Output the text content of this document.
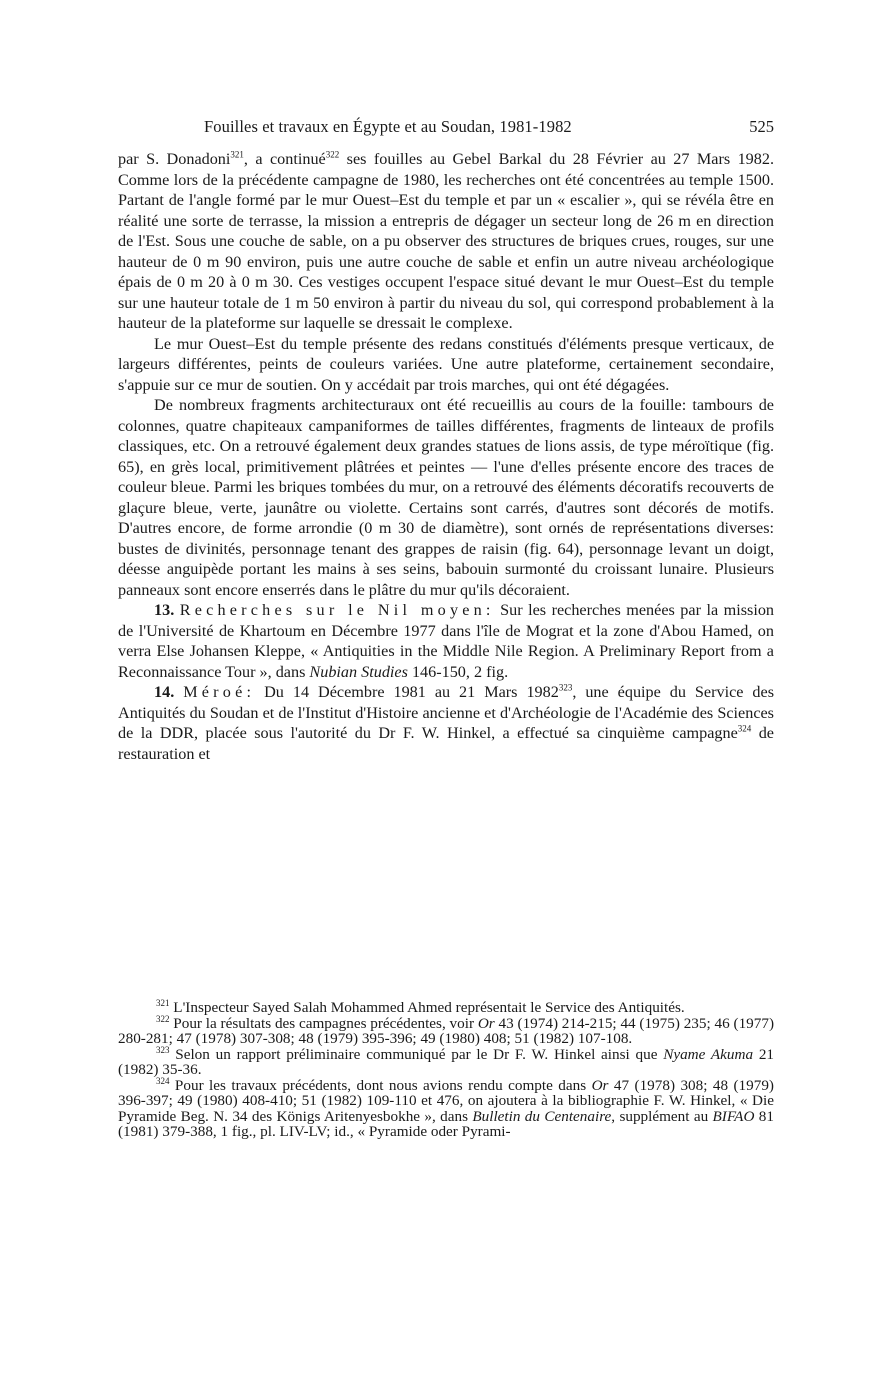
Fouilles et travaux en Égypte et au Soudan, 1981-1982	525

par S. Donadoni$^{321}$, a continué$^{322}$ ses fouilles au Gebel Barkal du 28 Février au 27 Mars 1982. Comme lors de la précédente campagne de 1980, les recherches ont été concentrées au temple 1500. Partant de l'angle formé par le mur Ouest–Est du temple et par un « escalier », qui se révéla être en réalité une sorte de terrasse, la mission a entrepris de dégager un secteur long de 26 m en direction de l'Est. Sous une couche de sable, on a pu observer des structures de briques crues, rouges, sur une hauteur de 0 m 90 environ, puis une autre couche de sable et enfin un autre niveau archéologique épais de 0 m 20 à 0 m 30. Ces vestiges occupent l'espace situé devant le mur Ouest–Est du temple sur une hauteur totale de 1 m 50 environ à partir du niveau du sol, qui correspond probablement à la hauteur de la plateforme sur laquelle se dressait le complexe.

Le mur Ouest–Est du temple présente des redans constitués d'éléments presque verticaux, de largeurs différentes, peints de couleurs variées. Une autre plateforme, certainement secondaire, s'appuie sur ce mur de soutien. On y accédait par trois marches, qui ont été dégagées.

De nombreux fragments architecturaux ont été recueillis au cours de la fouille: tambours de colonnes, quatre chapiteaux campaniformes de tailles différentes, fragments de linteaux de profils classiques, etc. On a retrouvé également deux grandes statues de lions assis, de type méroïtique (fig. 65), en grès local, primitivement plâtrées et peintes — l'une d'elles présente encore des traces de couleur bleue. Parmi les briques tombées du mur, on a retrouvé des éléments décoratifs recouverts de glaçure bleue, verte, jaunâtre ou violette. Certains sont carrés, d'autres sont décorés de motifs. D'autres encore, de forme arrondie (0 m 30 de diamètre), sont ornés de représentations diverses: bustes de divinités, personnage tenant des grappes de raisin (fig. 64), personnage levant un doigt, déesse anguipède portant les mains à ses seins, babouin surmonté du croissant lunaire. Plusieurs panneaux sont encore enserrés dans le plâtre du mur qu'ils décoraient.

13. Recherches sur le Nil moyen: Sur les recherches menées par la mission de l'Université de Khartoum en Décembre 1977 dans l'île de Mograt et la zone d'Abou Hamed, on verra Else Johansen Kleppe, « Antiquities in the Middle Nile Region. A Preliminary Report from a Reconnaissance Tour », dans Nubian Studies 146-150, 2 fig.

14. Méroé: Du 14 Décembre 1981 au 21 Mars 1982$^{323}$, une équipe du Service des Antiquités du Soudan et de l'Institut d'Histoire ancienne et d'Archéologie de l'Académie des Sciences de la DDR, placée sous l'autorité du Dr F. W. Hinkel, a effectué sa cinquième campagne$^{324}$ de restauration et

$^{321}$ L'Inspecteur Sayed Salah Mohammed Ahmed représentait le Service des Antiquités.

$^{322}$ Pour la résultats des campagnes précédentes, voir Or 43 (1974) 214-215; 44 (1975) 235; 46 (1977) 280-281; 47 (1978) 307-308; 48 (1979) 395-396; 49 (1980) 408; 51 (1982) 107-108.

$^{323}$ Selon un rapport préliminaire communiqué par le Dr F. W. Hinkel ainsi que Nyame Akuma 21 (1982) 35-36.

$^{324}$ Pour les travaux précédents, dont nous avions rendu compte dans Or 47 (1978) 308; 48 (1979) 396-397; 49 (1980) 408-410; 51 (1982) 109-110 et 476, on ajoutera à la bibliographie F. W. Hinkel, « Die Pyramide Beg. N. 34 des Königs Aritenyesbokhe », dans Bulletin du Centenaire, supplément au BIFAO 81 (1981) 379-388, 1 fig., pl. LIV-LV; id., « Pyramide oder Pyrami-
